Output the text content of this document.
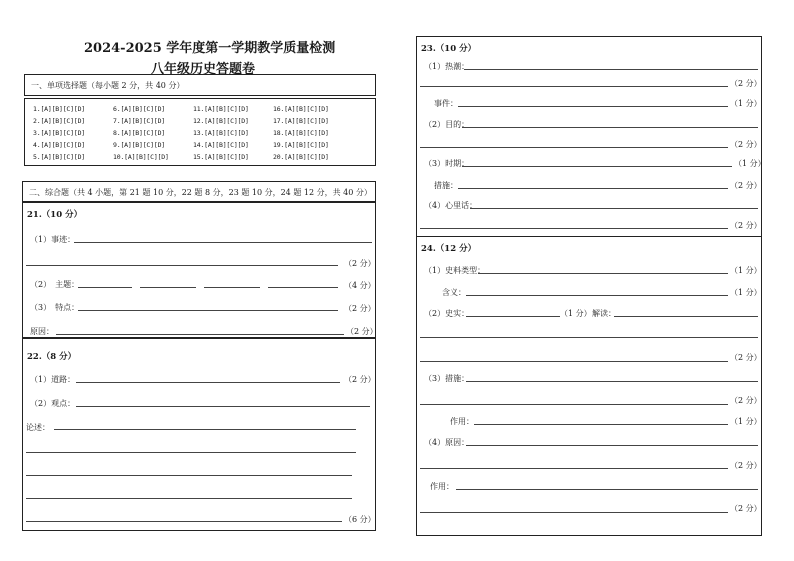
2024-2025 学年度第一学期教学质量检测
八年级历史答题卷
一、单项选择题（每小题 2 分，共 40 分）
1.[A][B][C][D]
2.[A][B][C][D]
3.[A][B][C][D]
4.[A][B][C][D]
5.[A][B][C][D]
6.[A][B][C][D]
7.[A][B][C][D]
8.[A][B][C][D]
9.[A][B][C][D]
10.[A][B][C][D]
11.[A][B][C][D]
12.[A][B][C][D]
13.[A][B][C][D]
14.[A][B][C][D]
15.[A][B][C][D]
16.[A][B][C][D]
17.[A][B][C][D]
18.[A][B][C][D]
19.[A][B][C][D]
20.[A][B][C][D]
二、综合题（共 4 小题，第 21 题 10 分，22 题 8 分，23 题 10 分，24 题 12 分，共 40 分）
21.（10 分）
（1）事迹：
（2 分）
（2）　主题：	（4 分）
（3）　特点：	（2 分）
原因：	（2 分）
22.（8 分）
（1）道路：	（2 分）
（2）观点：
论述：
（6 分）
23.（10 分）
（1）热潮：
（2 分）
事件：	（1 分）
（2）目的：
（2 分）
（3）时期：	（1 分）
措施：	（2 分）
（4）心里话：
（2 分）
24.（12 分）
（1）史料类型：	（1 分）
含义：	（1 分）
（2）史实：	（1 分） 解读：
（2 分）
（3）措施：
（2 分）
作用：	（1 分）
（4）原因：
（2 分）
作用：
（2 分）
